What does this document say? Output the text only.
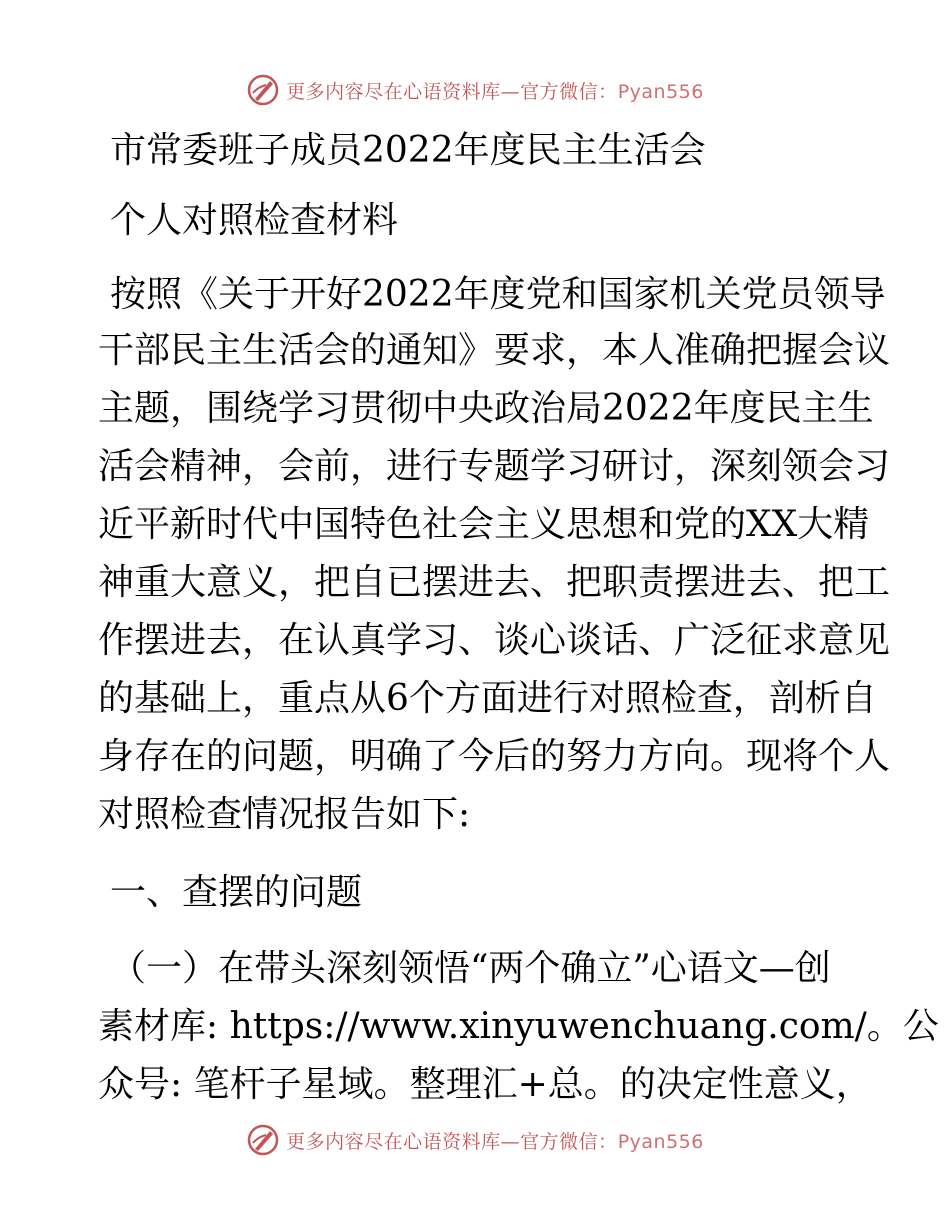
更多内容尽在心语资料库—官方微信：Pyan556
市常委班子成员2022年度民主生活会
个人对照检查材料
按照《关于开好2022年度党和国家机关党员领导
干部民主生活会的通知》要求，本人准确把握会议
主题，围绕学习贯彻中央政治局2022年度民主生
活会精神，会前，进行专题学习研讨，深刻领会习
近平新时代中国特色社会主义思想和党的XX大精
神重大意义，把自已摆进去、把职责摆进去、把工
作摆进去，在认真学习、谈心谈话、广泛征求意见
的基础上，重点从6个方面进行对照检查，剖析自
身存在的问题，明确了今后的努力方向。现将个人
对照检查情况报告如下:
一、查摆的问题
（一）在带头深刻领悟“两个确立”心语文—创
素材库: https://www.xinyuwenchuang.com/。公
众号: 笔杆子星域。整理汇+总。的决定性意义，
更多内容尽在心语资料库—官方微信：Pyan556
